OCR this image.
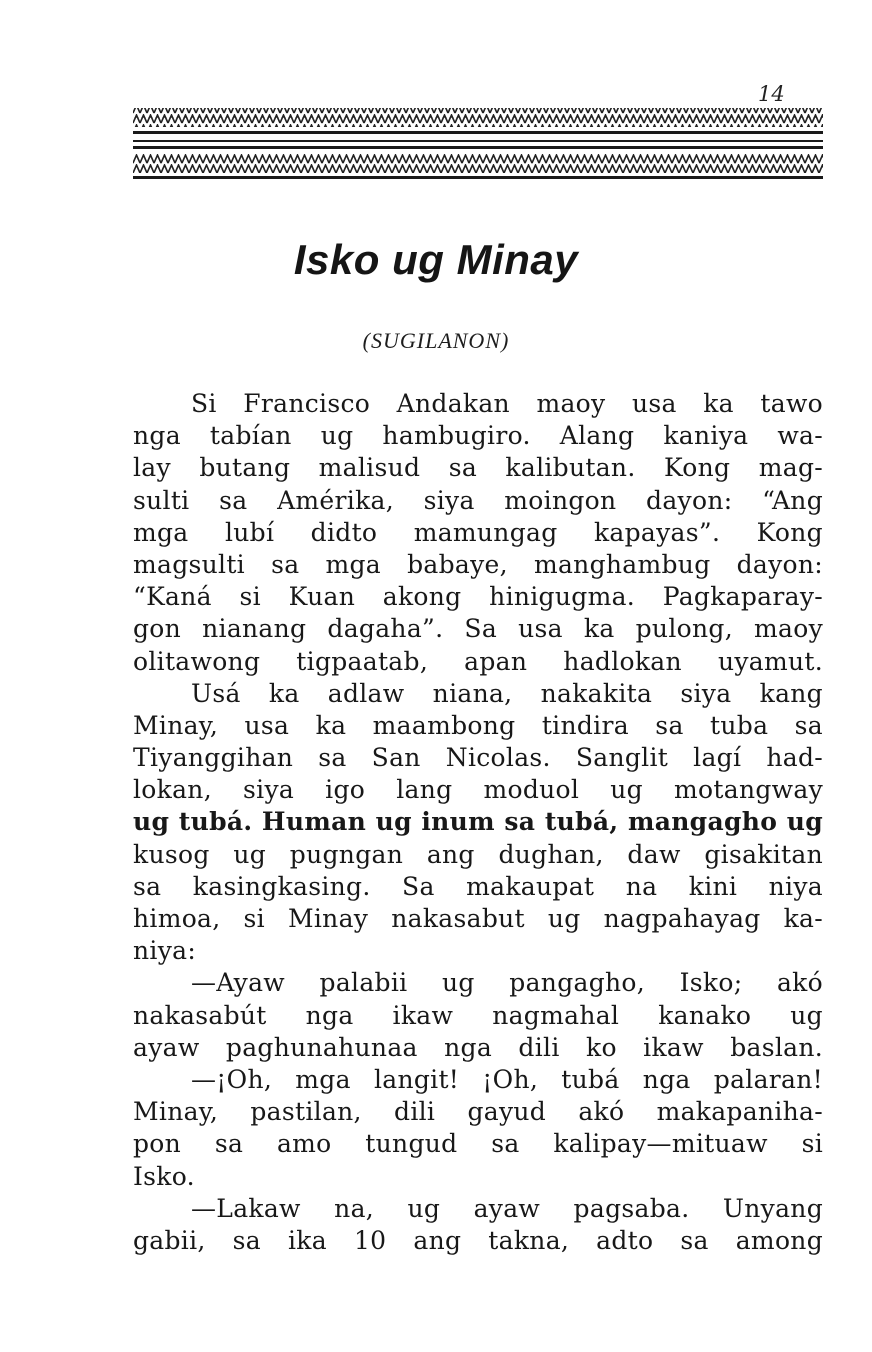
14
Isko ug Minay
(SUGILANON)
Si Francisco Andakan maoy usa ka tawo
nga tabían ug hambugiro. Alang kaniya wa-
lay butang malisud sa kalibutan. Kong mag-
sulti sa Amérika, siya moingon dayon: “Ang
mga lubí didto mamungag kapayas”. Kong
magsulti sa mga babaye, manghambug dayon:
“Kaná si Kuan akong hinigugma. Pagkaparay-
gon nianang dagaha”. Sa usa ka pulong, maoy
olitawong tigpaatab, apan hadlokan uyamut.
Usá ka adlaw niana, nakakita siya kang
Minay, usa ka maambong tindira sa tuba sa
Tiyanggihan sa San Nicolas. Sanglit lagí had-
lokan, siya igo lang moduol ug motangway
ug tubá. Human ug inum sa tubá, mangagho ug
kusog ug pugngan ang dughan, daw gisakitan
sa kasingkasing. Sa makaupat na kini niya
himoa, si Minay nakasabut ug nagpahayag ka-
niya:
—Ayaw palabii ug pangagho, Isko; akó
nakasabút nga ikaw nagmahal kanako ug
ayaw paghunahunaa nga dili ko ikaw baslan.
—¡Oh, mga langit! ¡Oh, tubá nga palaran!
Minay, pastilan, dili gayud akó makapaniha-
pon sa amo tungud sa kalipay—mituaw si
Isko.
—Lakaw na, ug ayaw pagsaba. Unyang
gabii, sa ika 10 ang takna, adto sa among
